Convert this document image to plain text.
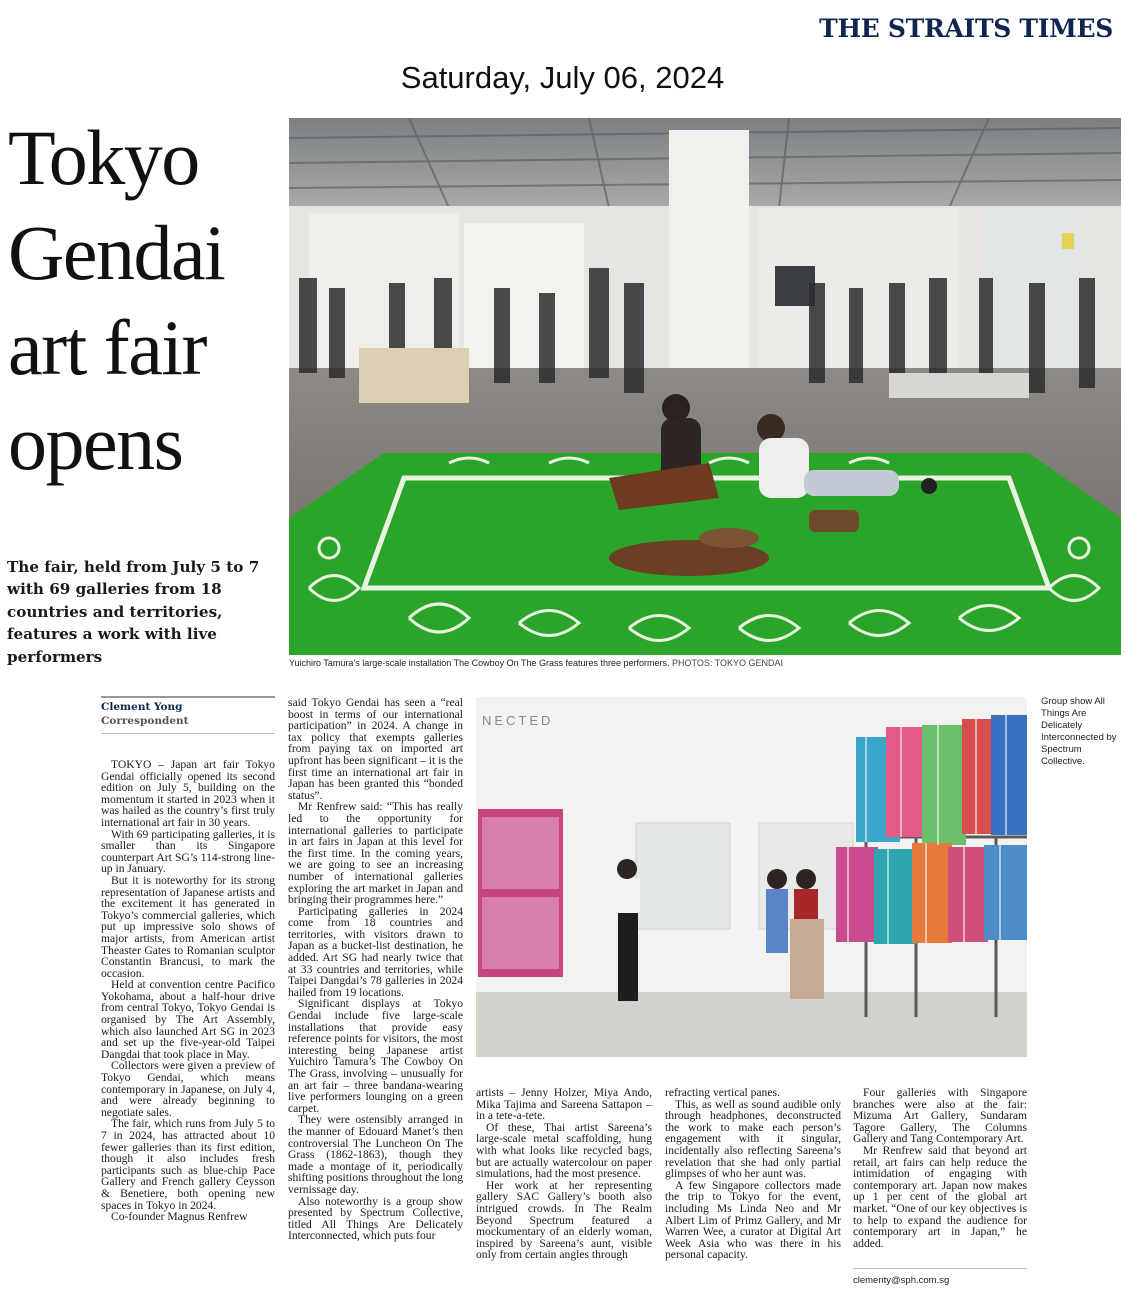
THE STRAITS TIMES
Saturday, July 06, 2024
Tokyo
Gendai
art fair
opens
The fair, held from July 5 to 7 with 69 galleries from 18 countries and territories, features a work with live performers	Yuichiro Tamura’s large-scale installation The Cowboy On The Grass features three performers. PHOTOS: TOKYO GENDAI
NECTED
Group show All Things Are Delicately Interconnected by Spectrum Collective.
Clement Yong
Correspondent

TOKYO – Japan art fair Tokyo Gendai officially opened its second edition on July 5, building on the momentum it started in 2023 when it was hailed as the country’s first truly international art fair in 30 years.

With 69 participating galleries, it is smaller than its Singapore counterpart Art SG’s 114-strong line-up in January.

But it is noteworthy for its strong representation of Japanese artists and the excitement it has generated in Tokyo’s commercial galleries, which put up impressive solo shows of major artists, from American artist Theaster Gates to Romanian sculptor Constantin Brancusi, to mark the occasion.

Held at convention centre Pacifico Yokohama, about a half-hour drive from central Tokyo, Tokyo Gendai is organised by The Art Assembly, which also launched Art SG in 2023 and set up the five-year-old Taipei Dangdai that took place in May.

Collectors were given a preview of Tokyo Gendai, which means contemporary in Japanese, on July 4, and were already beginning to negotiate sales.

The fair, which runs from July 5 to 7 in 2024, has attracted about 10 fewer galleries than its first edition, though it also includes fresh participants such as blue-chip Pace Gallery and French gallery Ceysson & Benetiere, both opening new spaces in Tokyo in 2024.

Co-founder Magnus Renfrew

said Tokyo Gendai has seen a “real boost in terms of our international participation” in 2024. A change in tax policy that exempts galleries from paying tax on imported art upfront has been significant – it is the first time an international art fair in Japan has been granted this “bonded status”.

Mr Renfrew said: “This has really led to the opportunity for international galleries to participate in art fairs in Japan at this level for the first time. In the coming years, we are going to see an increasing number of international galleries exploring the art market in Japan and bringing their programmes here.”

Participating galleries in 2024 come from 18 countries and territories, with visitors drawn to Japan as a bucket-list destination, he added. Art SG had nearly twice that at 33 countries and territories, while Taipei Dangdai’s 78 galleries in 2024 hailed from 19 locations.

Significant displays at Tokyo Gendai include five large-scale installations that provide easy reference points for visitors, the most interesting being Japanese artist Yuichiro Tamura’s The Cowboy On The Grass, involving – unusually for an art fair – three bandana-wearing live performers lounging on a green carpet.

They were ostensibly arranged in the manner of Edouard Manet’s then controversial The Luncheon On The Grass (1862-1863), though they made a montage of it, periodically shifting positions throughout the long vernissage day.

Also noteworthy is a group show presented by Spectrum Collective, titled All Things Are Delicately Interconnected, which puts four

artists – Jenny Holzer, Miya Ando, Mika Tajima and Sareena Sattapon – in a tete-a-tete.

Of these, Thai artist Sareena’s large-scale metal scaffolding, hung with what looks like recycled bags, but are actually watercolour on paper simulations, had the most presence.

Her work at her representing gallery SAC Gallery’s booth also intrigued crowds. In The Realm Beyond Spectrum featured a mockumentary of an elderly woman, inspired by Sareena’s aunt, visible only from certain angles through

refracting vertical panes.

This, as well as sound audible only through headphones, deconstructed the work to make each person’s engagement with it singular, incidentally also reflecting Sareena’s revelation that she had only partial glimpses of who her aunt was.

A few Singapore collectors made the trip to Tokyo for the event, including Ms Linda Neo and Mr Albert Lim of Primz Gallery, and Mr Warren Wee, a curator at Digital Art Week Asia who was there in his personal capacity.

Four galleries with Singapore branches were also at the fair: Mizuma Art Gallery, Sundaram Tagore Gallery, The Columns Gallery and Tang Contemporary Art.

Mr Renfrew said that beyond art retail, art fairs can help reduce the intimidation of engaging with contemporary art. Japan now makes up 1 per cent of the global art market. “One of our key objectives is to help to expand the audience for contemporary art in Japan,” he added.

clementy@sph.com.sg
